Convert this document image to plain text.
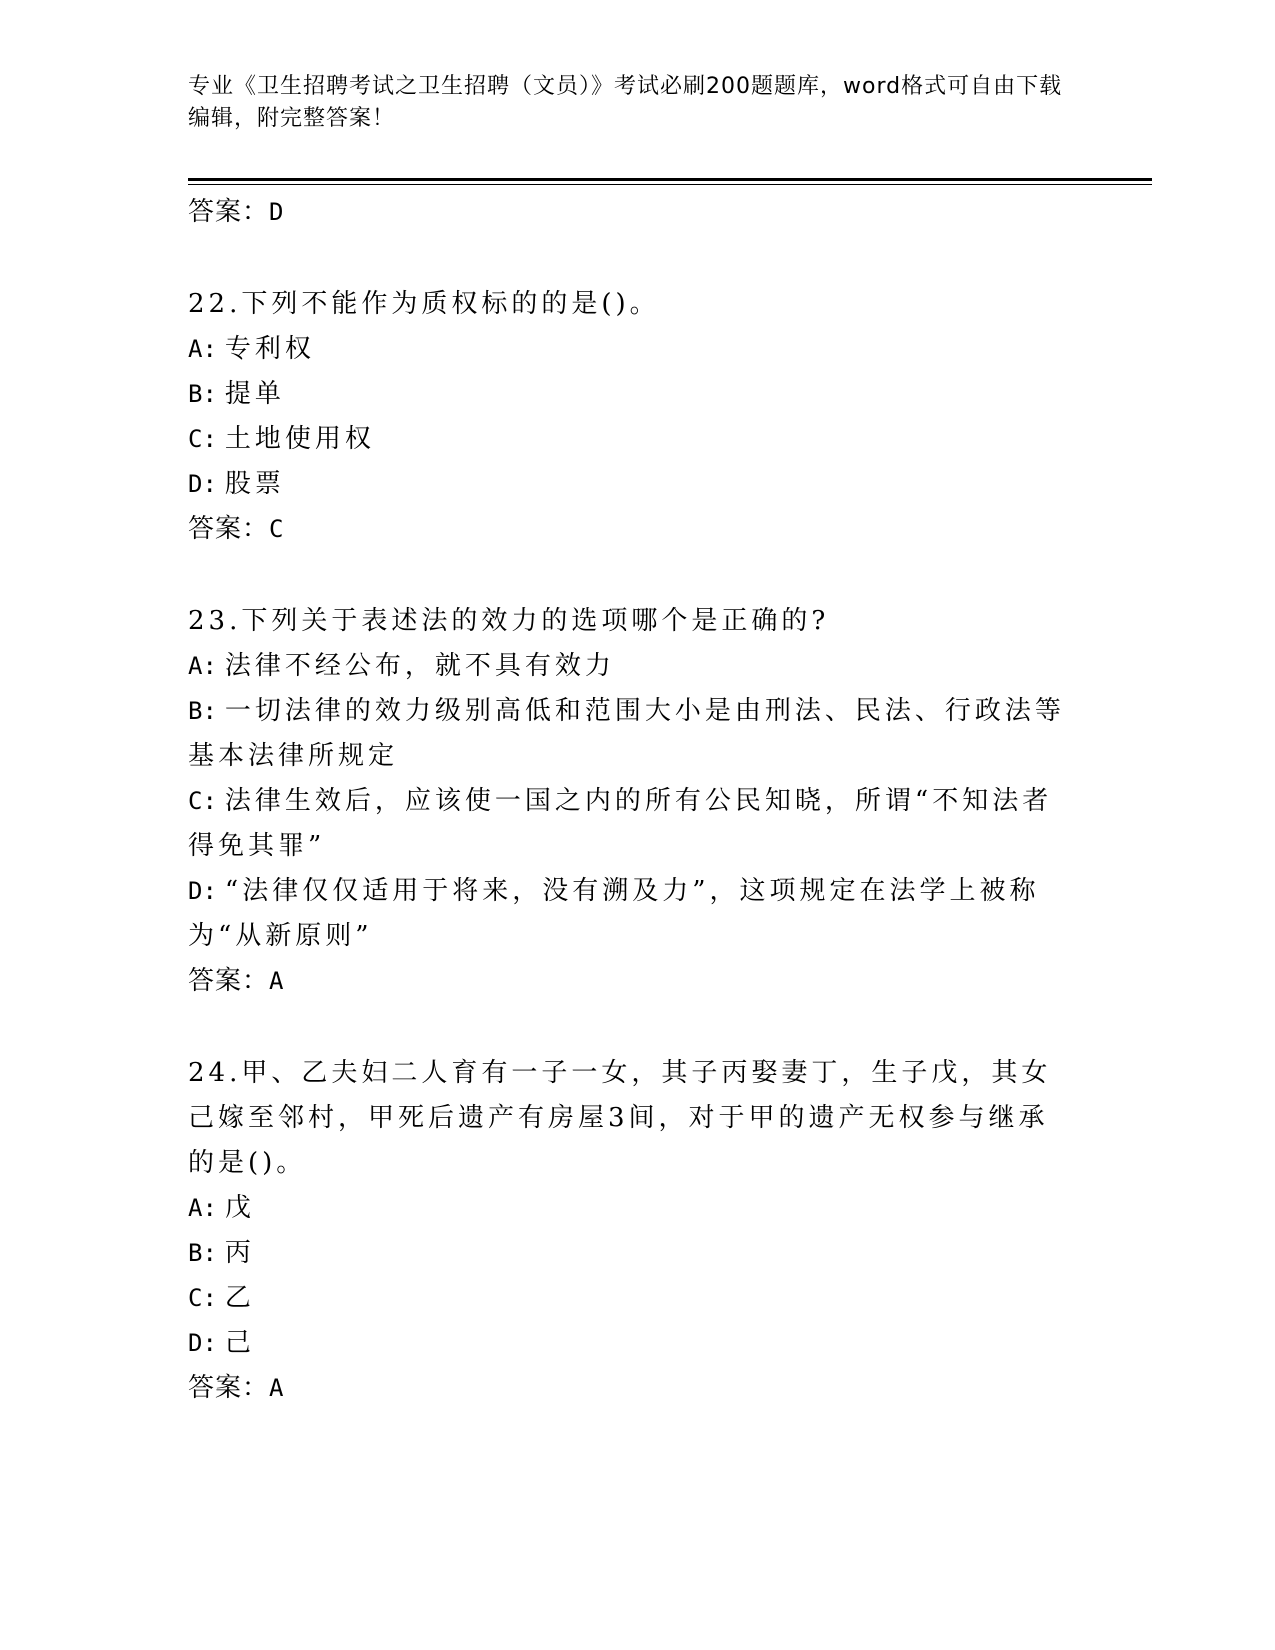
专业《卫生招聘考试之卫生招聘（文员）》考试必刷200题题库，word格式可自由下载编辑，附完整答案！

答案：D

22.下列不能作为质权标的的是()。

A: 专利权

B: 提单

C: 土地使用权

D: 股票

答案：C

23.下列关于表述法的效力的选项哪个是正确的?

A: 法律不经公布，就不具有效力

B: 一切法律的效力级别高低和范围大小是由刑法、民法、行政法等基本法律所规定

C: 法律生效后，应该使一国之内的所有公民知晓，所谓“不知法者得免其罪”

D: “法律仅仅适用于将来，没有溯及力”，这项规定在法学上被称为“从新原则”

答案：A

24.甲、乙夫妇二人育有一子一女，其子丙娶妻丁，生子戊，其女己嫁至邻村，甲死后遗产有房屋3间，对于甲的遗产无权参与继承的是()。

A: 戊

B: 丙

C: 乙

D: 己

答案：A
